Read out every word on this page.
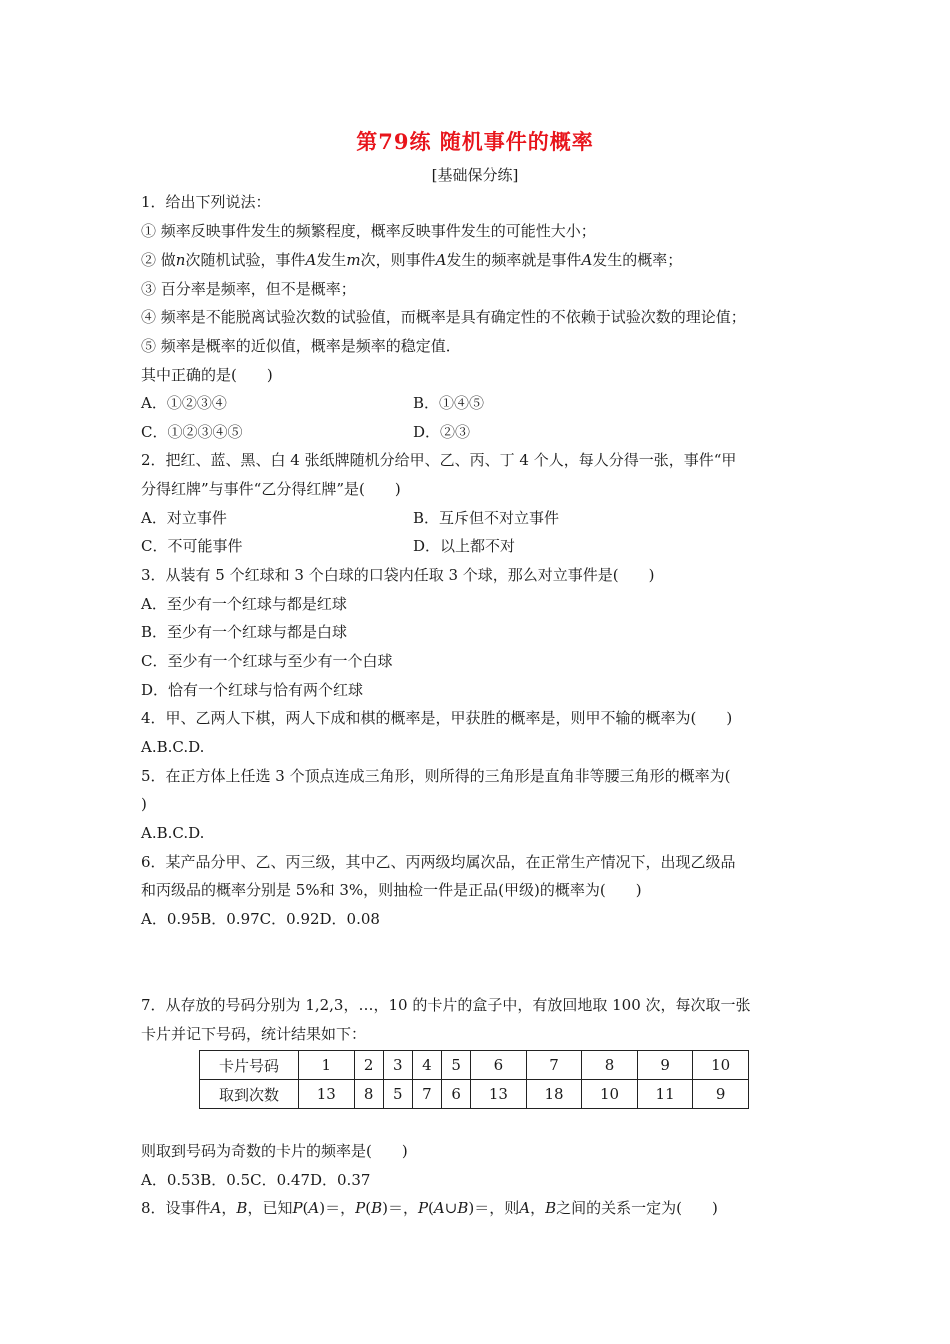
第79练 随机事件的概率
[基础保分练]
1．给出下列说法：
① 频率反映事件发生的频繁程度，概率反映事件发生的可能性大小；
② 做n次随机试验，事件A发生m次，则事件A发生的频率就是事件A发生的概率；
③ 百分率是频率，但不是概率；
④ 频率是不能脱离试验次数的试验值，而概率是具有确定性的不依赖于试验次数的理论值；
⑤ 频率是概率的近似值，概率是频率的稳定值．
其中正确的是(　　)
A．①②③④	B．①④⑤
C．①②③④⑤	D．②③
2．把红、蓝、黑、白 4 张纸牌随机分给甲、乙、丙、丁 4 个人，每人分得一张，事件“甲
分得红牌”与事件“乙分得红牌”是(　　)
A．对立事件	B．互斥但不对立事件
C．不可能事件	D．以上都不对
3．从装有 5 个红球和 3 个白球的口袋内任取 3 个球，那么对立事件是(　　)
A．至少有一个红球与都是红球
B．至少有一个红球与都是白球
C．至少有一个红球与至少有一个白球
D．恰有一个红球与恰有两个红球
4．甲、乙两人下棋，两人下成和棋的概率是，甲获胜的概率是，则甲不输的概率为(　　)
A.B.C.D.
5．在正方体上任选 3 个顶点连成三角形，则所得的三角形是直角非等腰三角形的概率为(
)
A.B.C.D.
6．某产品分甲、乙、丙三级，其中乙、丙两级均属次品，在正常生产情况下，出现乙级品
和丙级品的概率分别是 5%和 3%，则抽检一件是正品(甲级)的概率为(　　)
A．0.95B．0.97C．0.92D．0.08
7．从存放的号码分别为 1,2,3，…，10 的卡片的盒子中，有放回地取 100 次，每次取一张
卡片并记下号码，统计结果如下：
卡片号码	1	2	3	4	5	6	7	8	9	10
取到次数	13	8	5	7	6	13	18	10	11	9
则取到号码为奇数的卡片的频率是(　　)
A．0.53B．0.5C．0.47D．0.37
8．设事件A，B，已知P(A)＝，P(B)＝，P(A∪B)＝，则A，B之间的关系一定为(　　)
